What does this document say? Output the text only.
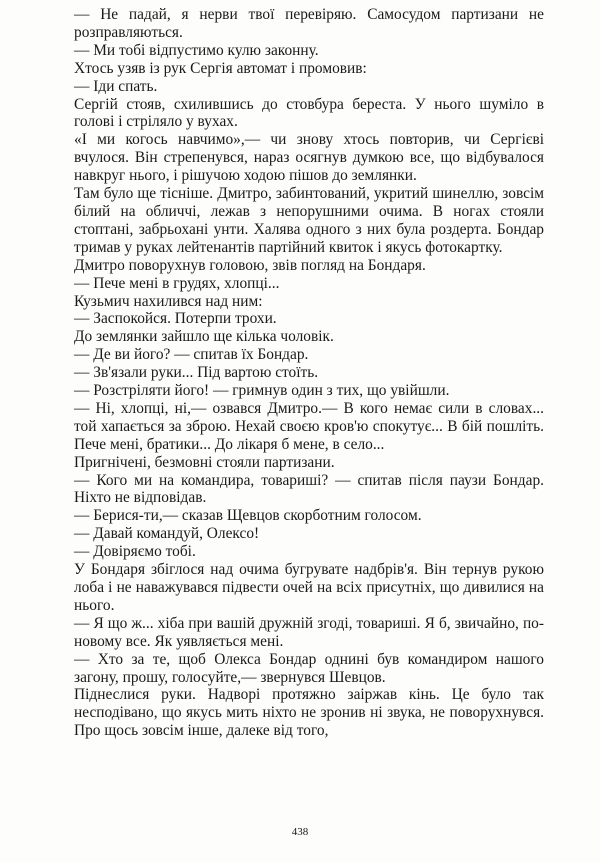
— Не падай, я нерви твої перевіряю. Самосудом партизани не розправляються.

— Ми тобі відпустимо кулю законну.

Хтось узяв із рук Сергія автомат і промовив:

— Іди спать.

Сергій стояв, схилившись до стовбура береста. У нього шуміло в голові і стріляло у вухах.

«І ми когось навчимо»,— чи знову хтось повторив, чи Сергієві вчулося. Він стрепенувся, нараз осягнув думкою все, що відбувалося навкруг нього, і рішучою ходою пішов до землянки.

Там було ще тісніше. Дмитро, забинтований, укритий шинеллю, зовсім білий на обличчі, лежав з непорушними очима. В ногах стояли стоптані, забрьохані унти. Халява одного з них була роздерта. Бондар тримав у руках лейтенантів партійний квиток і якусь фотокартку.

Дмитро поворухнув головою, звів погляд на Бондаря.

— Пече мені в грудях, хлопці...

Кузьмич нахилився над ним:

— Заспокойся. Потерпи трохи.

До землянки зайшло ще кілька чоловік.

— Де ви його? — спитав їх Бондар.

— Зв'язали руки... Під вартою стоїть.

— Розстріляти його! — гримнув один з тих, що увійшли.

— Ні, хлопці, ні,— озвався Дмитро.— В кого немає сили в словах... той хапається за зброю. Нехай своєю кров'ю спокутує... В бій пошліть. Пече мені, братики... До лікаря б мене, в село...

Пригнічені, безмовні стояли партизани.

— Кого ми на командира, товариші? — спитав після паузи Бондар. Ніхто не відповідав.

— Берися-ти,— сказав Щевцов скорботним голосом.

— Давай командуй, Олексо!

— Довіряємо тобі.

У Бондаря збіглося над очима бугрувате надбрів'я. Він тернув рукою лоба і не наважувався підвести очей на всіх присутніх, що дивилися на нього.

— Я що ж... хіба при вашій дружній згоді, товариші. Я б, звичайно, по-новому все. Як уявляється мені.

— Хто за те, щоб Олекса Бондар однині був командиром нашого загону, прошу, голосуйте,— звернувся Шевцов.

Піднеслися руки. Надворі протяжно заіржав кінь. Це було так несподівано, що якусь мить ніхто не зронив ні звука, не поворухнувся. Про щось зовсім інше, далеке від того,

438
